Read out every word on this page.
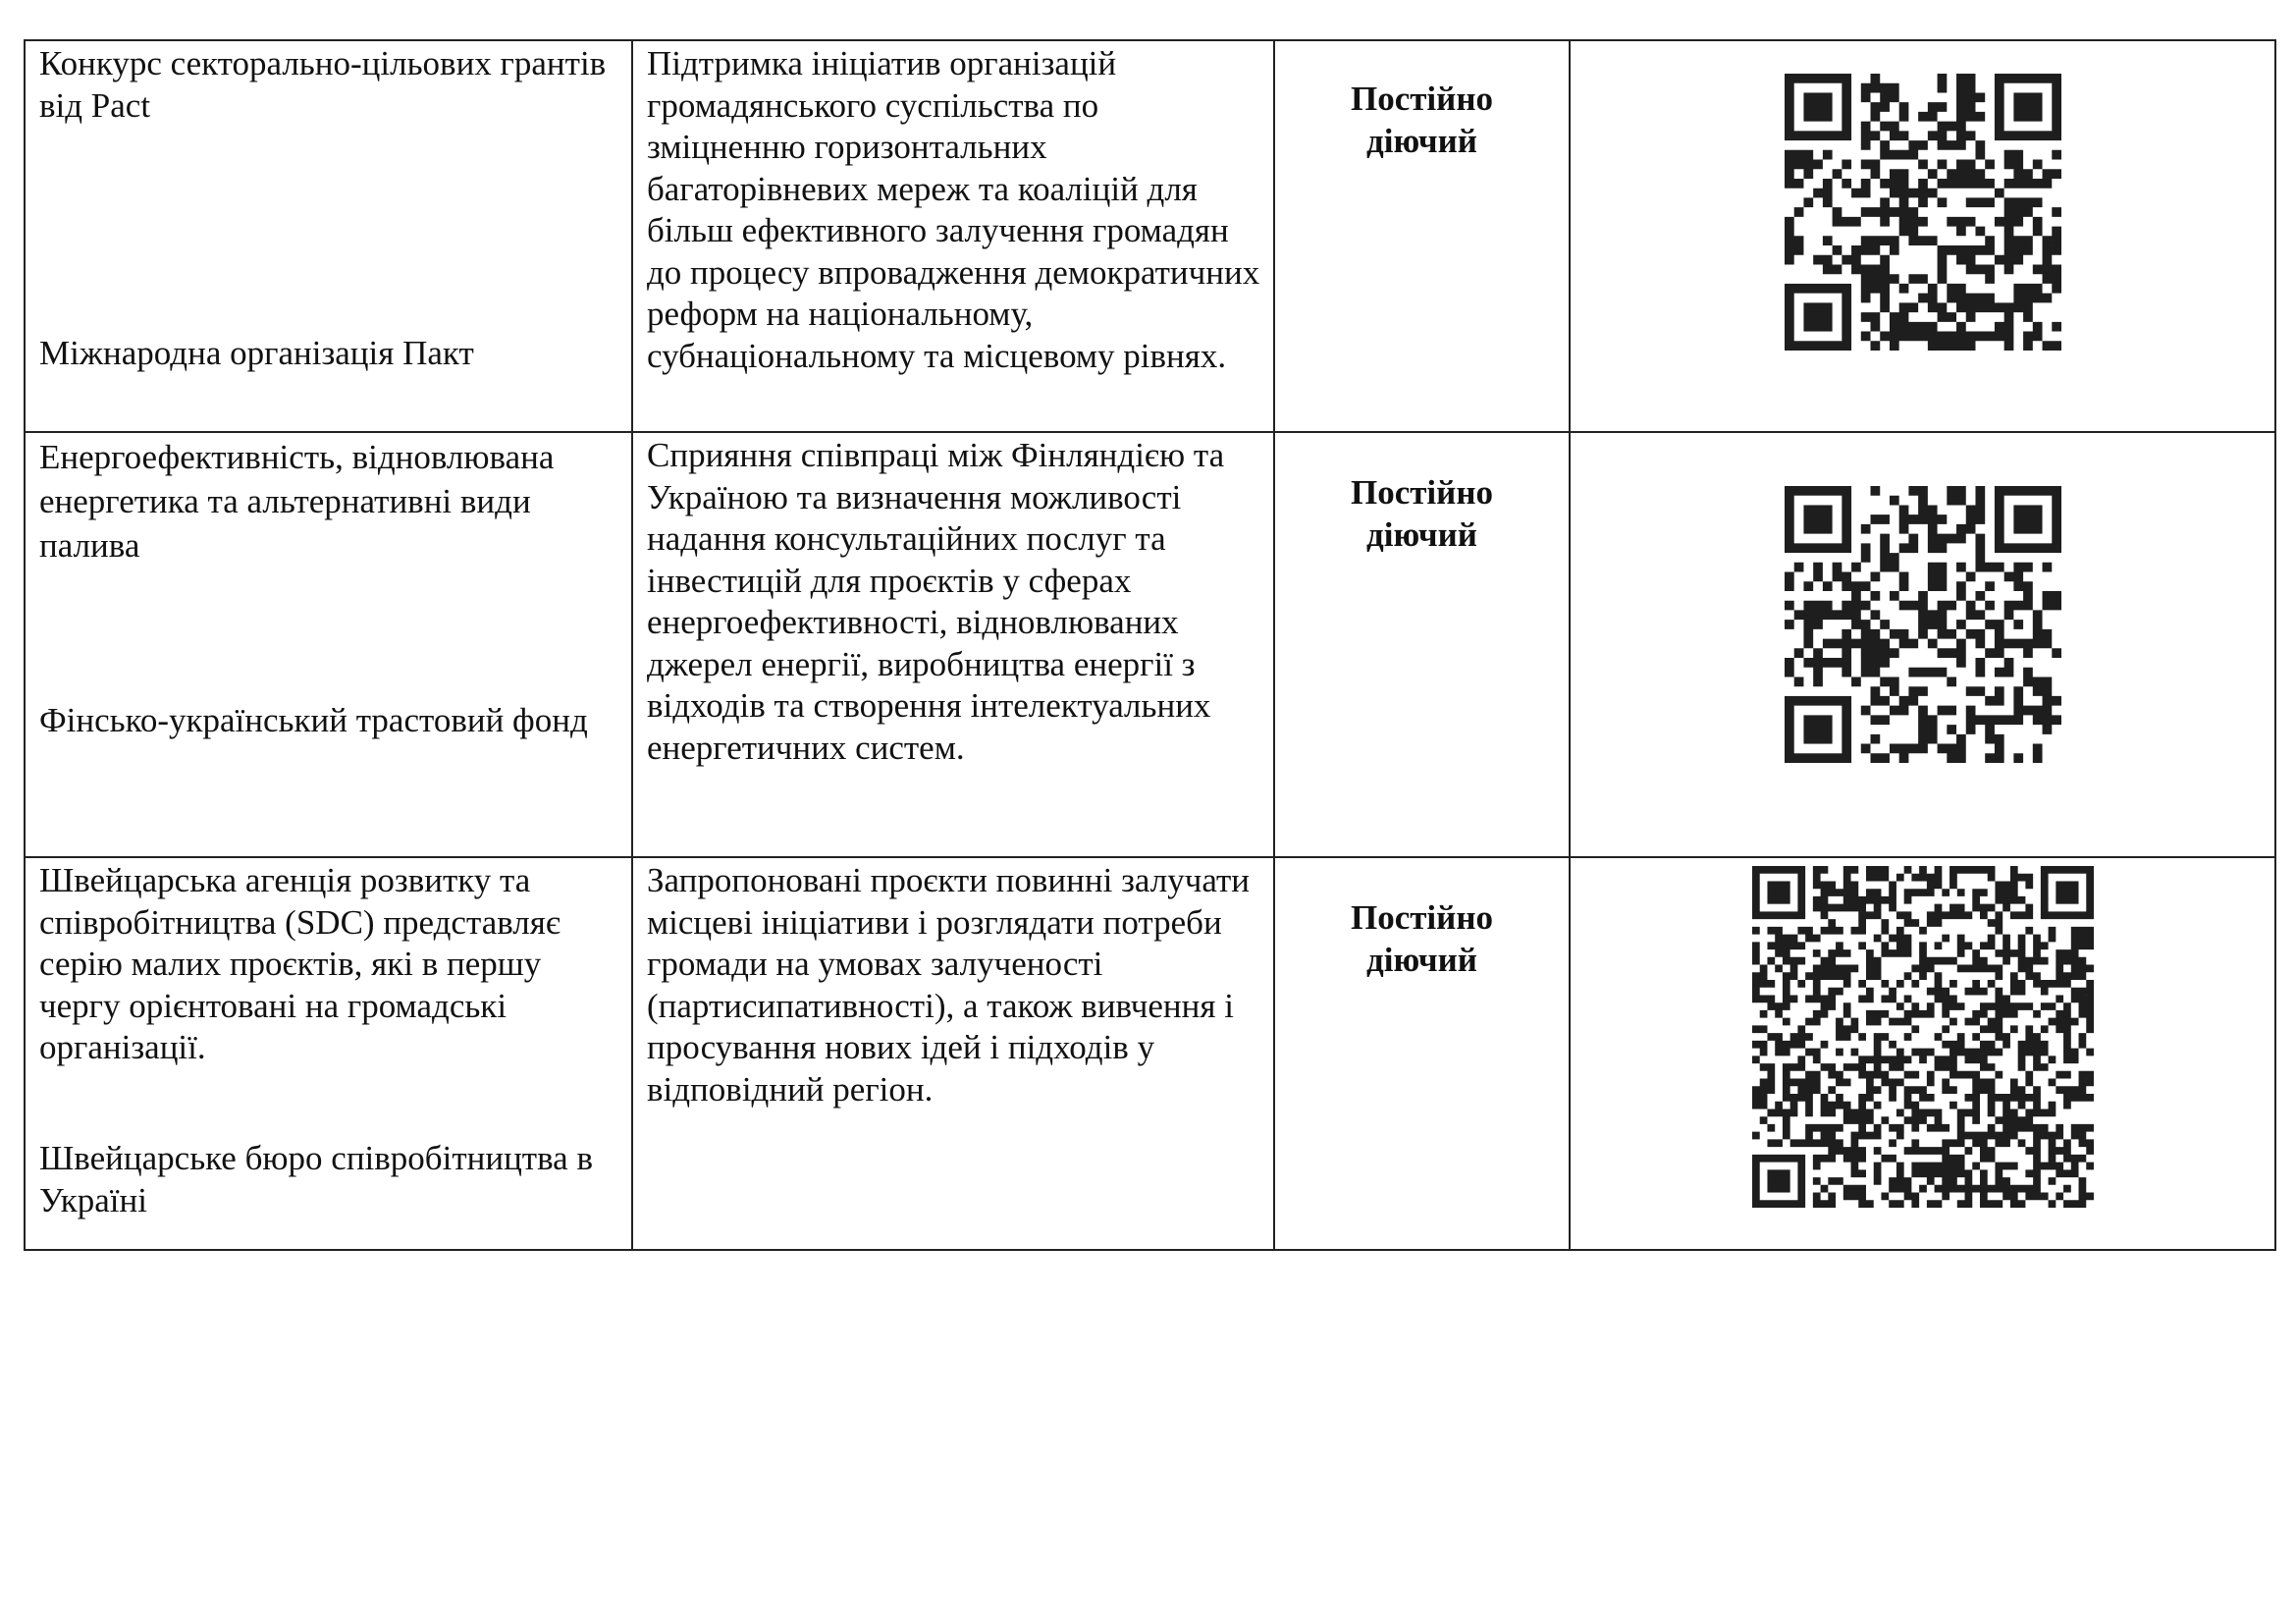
Конкурс секторально-цільових грантів від Pact
Міжнародна організація Пакт	Підтримка ініціатив організацій громадянського суспільства по зміцненню горизонтальних багаторівневих мереж та коаліцій для більш ефективного залучення громадян до процесу впровадження демократичних реформ на національному, субнаціональному та місцевому рівнях.	Постійно діючий

Енергоефективність, відновлювана енергетика та альтернативні види палива
Фінсько-український трастовий фонд	Сприяння співпраці між Фінляндією та Україною та визначення можливості надання консультаційних послуг та інвестицій для проєктів у сферах енергоефективності, відновлюваних джерел енергії, виробництва енергії з відходів та створення інтелектуальних енергетичних систем.	Постійно діючий

Швейцарська агенція розвитку та співробітництва (SDC) представляє серію малих проєктів, які в першу чергу орієнтовані на громадські організації.
Швейцарське бюро співробітництва в Україні	Запропоновані проєкти повинні залучати місцеві ініціативи і розглядати потреби громади на умовах залученості (партисипативності), а також вивчення і просування нових ідей і підходів у відповідний регіон.	Постійно діючий
